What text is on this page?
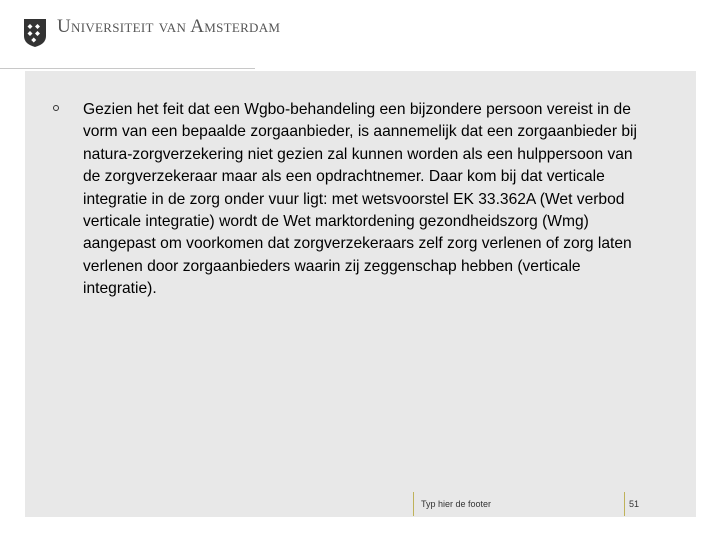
Universiteit van Amsterdam
Gezien het feit dat een Wgbo-behandeling een bijzondere persoon vereist in de vorm van een bepaalde zorgaanbieder, is aannemelijk dat een zorgaanbieder bij natura-zorgverzekering niet gezien zal kunnen worden als een hulppersoon van de zorgverzekeraar maar als een opdrachtnemer. Daar kom bij dat verticale integratie in de zorg onder vuur ligt: met wetsvoorstel EK 33.362A (Wet verbod verticale integratie) wordt de Wet marktordening gezondheidszorg (Wmg) aangepast om voorkomen dat zorgverzekeraars zelf zorg verlenen of zorg laten verlenen door zorgaanbieders waarin zij zeggenschap hebben (verticale integratie).
Typ hier de footer	51
